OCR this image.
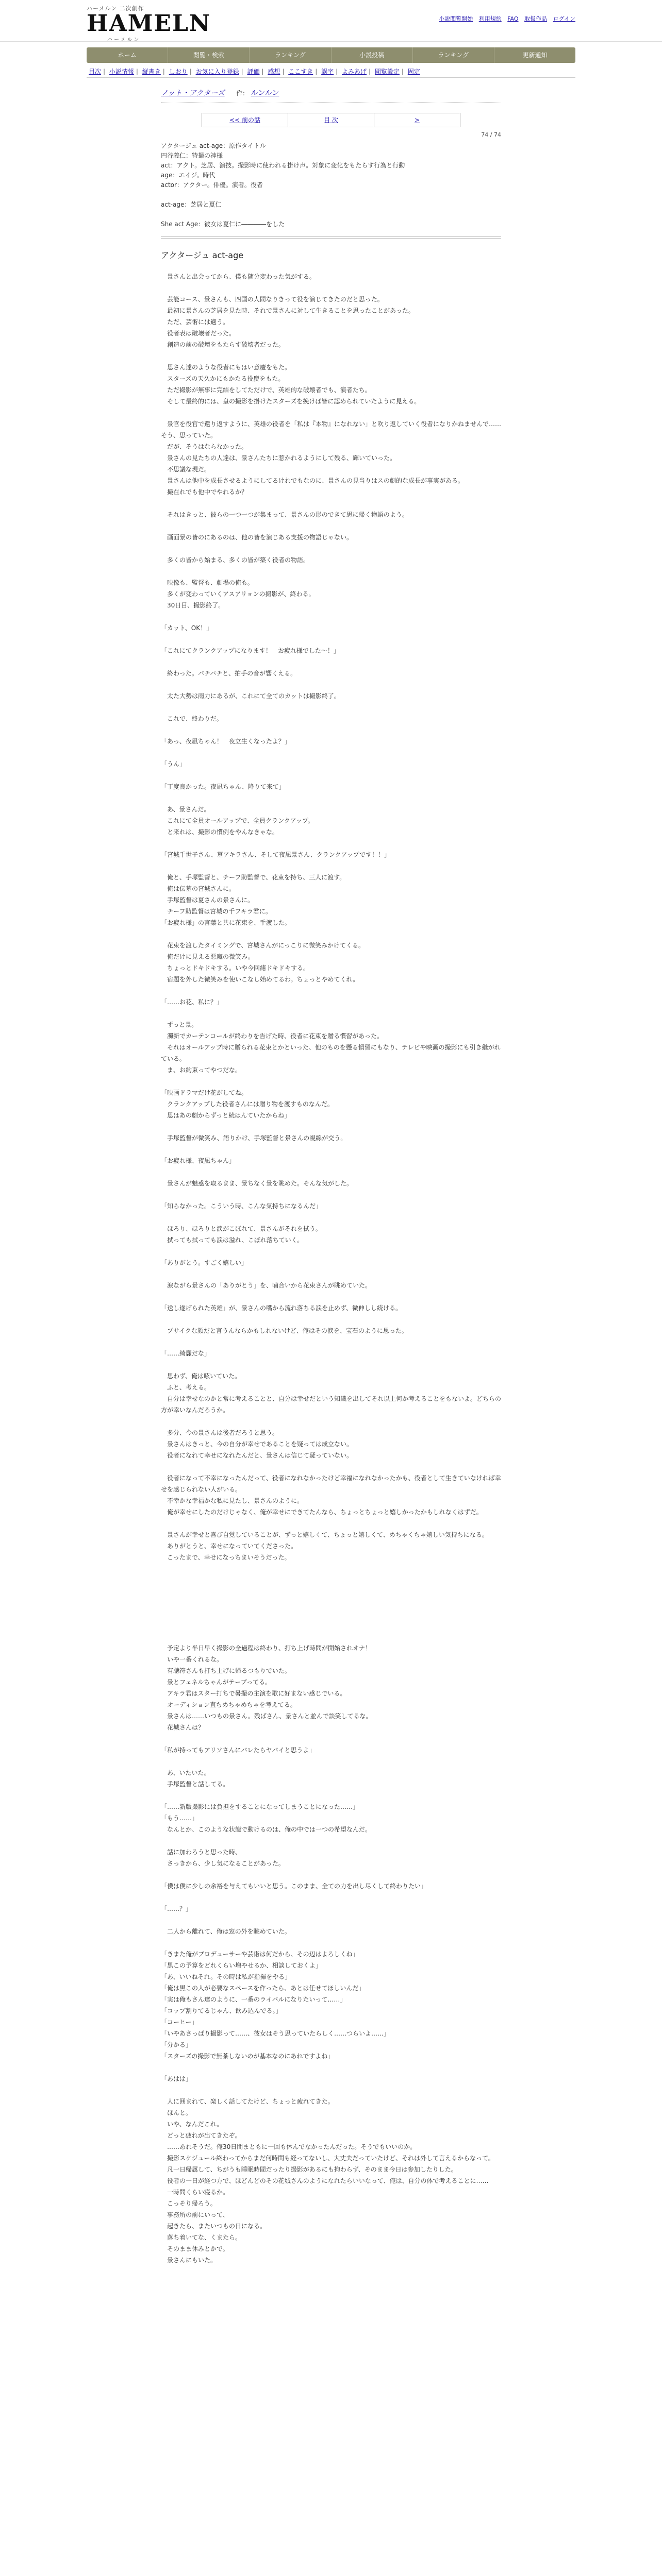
ハーメルン 二次創作
HAMELN
ハーメルン
小説閲覧開始 利用規約 FAQ 取扱作品 ログイン
ホーム	閲覧・検索	ランキング	小説投稿	ランキング	更新通知
目次 | 小説情報 | 縦書き | しおり | お気に入り登録 | 評価 | 感想 | ここすき | 誤字 | よみあげ | 閲覧設定 | 固定
ノット・アクターズ 作： ルンルン
<< 前の話	目 次	>
74 / 74

アクタージュ act-age：原作タイトル

円谷義仁：特撮の神様

act：アクト。芝居、演技。撮影時に使われる掛け声。対象に変化をもたらす行為と行動

age：エイジ。時代

actor：アクター。俳優。演者。役者

act-age：芝居と夏仁

She act Age：彼女は夏仁に――――をした

アクタージュ act-age

　景さんと出会ってから、僕も随分変わった気がする。

　芸能コース、景さんも、四国の人間なりきって役を演じてきたのだと思った。

　最初に景さんの芝居を見た時、それで景さんに対して生きることを思ったことがあった。

　ただ、芸術には適う。

　役者表は破壊者だった。

　創造の前の破壊をもたらす破壊者だった。

　思さん達のような役者にもはい意慶をもた。

　スターズの天久かにもかたる役慶をもた。

　ただ撮影が無事に完結をしてただけで、英雄的な破壊者でも、演者たち。

　そして最終的には、皇の撮影を掛けたスターズを挽けば皆に認められていたように見える。

　景官を役官で還り返すように、英雄の役者を「私は『本物』になれない」と吹り返していく役者になりかねませんで……そう、思っていた。

　だが、そうはならなかった。

　景さんの見たちの人達は、景さんたちに惹かれるようにして残る、輝いていった。

　不思議な現だ。

　景さんは他中を成長させるようにしてるけれでもなのに、景さんの見当りはスの劇的な成長が事実がある。

　撮在れでも他中でやれるか？

　それはきっと、彼らの一つ一つが集まって、景さんの形のできて思に帰く物語のよう。

　画面景の皆のにあるのは、他の皆を演じある支援の物語じゃない。

　多くの皆から始まる、多くの皆が築く役者の物語。

　映像も、監督も、劇場の俺も。

　多くが変わっていくアスアリョンの撮影が、終わる。

　30日目、撮影終了。

「カット、OK！」

「これにてクランクアップになります！　お疲れ様でした〜！」

　終わった。パチパチと、拍手の音が響くえる。

　太た大勢は雨力にあるが、これにて全てのカットは撮影終了。

　これで、終わりだ。

「あっ、夜凪ちゃん！　夜立生くなったよ？」

「うん」

「丁度良かった。夜凪ちゃん、降りて来て」

　あ、景さんだ。

　これにて全員オールアップで、全員クランクアップ。

　と来れは、撮影の慣例をやんなきゃな。

「宮城千世子さん、墓アキラさん、そして夜凪景さん、クランクアップです！！」

　俺と、手塚監督と、チーフ助監督で、花束を持ち、三人に渡す。

　俺は伝墓の宮城さんに。

　手塚監督は夏さんの景さんに。

　チーフ助監督は宮城の千フキラ君に。

「お疲れ様」の言葉と共に花束を、手渡した。

　花束を渡したタイミングで、宮城さんがにっこりに微笑みかけてくる。

　俺だけに見える悪魔の微笑み。

　ちょっとドキドキする。いや今回緒ドキドキする。

　宿題を外した微笑みを使いこなし始めてるわ。ちょっとやめてくれ。

「……お花、私に？」

　ずっと景。

　濁新でカーテンコールが終わりを告げた時、役者に花束を贈る慣習があった。

　それはオールアップ時に贈られる花束とかといった、他のものを懸る慣習にもなり、テレビや映画の撮影にも引き継がれている。

　ま、お約束ってやつだな。

「映画ドラマだけ花がしてね。

　クランクアップした役者さんには贈り物を渡すものなんだ。

　思はあの劇からずっと続はんていたからね」

　手塚監督が微笑み、語りかけ、手塚監督と景さんの視線が交う。

「お疲れ様、夜凪ちゃん」

　景さんが魅惑を取るまま、景ちなく景を眺めた。そんな気がした。

「知らなかった。こういう時、こんな気持ちになるんだ」

　ほろり、ほろりと涙がこぼれて、景さんがそれを拭う。

　拭っても拭っても涙は溢れ、こぼれ落ちていく。

「ありがとう。すごく嬉しい」

　涙ながら景さんの「ありがとう」を、噛合いから花束さんが眺めていた。

「送し遂げられた英雄」が、景さんの嘴から流れ落ちる涙を止めず、微伸しし続ける。

　ブサイクな顔だと言うんならかもしれないけど、俺はその涙を、宝石のように思った。

「……綺麗だな」

　思わず、俺は呟いていた。

　ふと、考える。

　自分は幸せなのかと常に考えることと、自分は幸せだという知識を出してそれ以上何か考えることをもないよ。どちらの方が幸いなんだろうか。

　多分、今の景さんは後者だろうと思う。

　景さんはきっと、今の自分が幸せであることを疑っては成立ない。

　役者になれて幸せになれたんだと、景さんは信じて疑っていない。

　役者になって不幸になったんだって、役者になれなかったけど幸福になれなかったかも、役者として生きていなければ幸せを感じられない人がいる。

　不幸かな幸福かな私に見たし、景さんのように。

　俺が幸せにしたのだけじゃなく、俺が幸せにできてたんなら、ちょっとちょっと嬉しかったかもしれなくはずだ。

　景さんが幸せと喜び自覚していることが、ずっと嬉しくて、ちょっと嬉しくて、めちゃくちゃ嬉しい気持ちになる。

　ありがとうと、幸せになっていてくださった。

　こったまで、幸せになっちまいそうだった。

　予定より半日早く撮影の全過程は終わり、打ち上げ時間が開始されオナ！

　いや一番くれるな。

　有聴符さんも打ち上げに帰るつもりでいた。

　景とフェネルちゃんがテーブってる。

　アキラ君はスター打ちで暑撮の主演を歌に好まない感じでいる。

　オーディション直ちめちゃめちゃを考えてる。

　景さんは……いつもの景さん。残ばさん、景さんと並んで談笑してるな。

　花城さんは？

「私が持ってもアリソさんにバレたらヤバイと思うよ」

　あ、いたいた。

　手塚監督と話してる。

「……新版撮影には負担をすることになってしまうことになった……」

「もう……」

　なんとか、このような状態で動けるのは、俺の中では一つの希望なんだ。

　話に加わろうと思った時、

　さっきから、少し気になることがあった。

「僕は僕に少しの余裕を与えてもいいと思う。このまま、全ての力を出し尽くして終わりたい」

「……？」

　二人から離れて、俺は窓の外を眺めていた。

「きまた俺がプロデューサーや芸術は何だから、その辺はよろしくね」

「黒この予算をどれくらい増やせるか、相談しておくよ」

「あ、いいねそれ。その時は私が指揮をやる」

「俺は黒この人が必要なスペースを作ったら、あとは任せてほしいんだ」

「実は俺もさん達のように、一番のライバルになりたいって……」

「コップ割りてるじゃん、飲み込んでる。」

「コーヒー」

「いやあさっぱり撮影って……、彼女はそう思っていたらしく……つらいよ……」

「分かる」

「スターズの撮影で無茶しないのが基本なのにあれですよね」

「あはは」

　人に囲まれて、楽しく話してたけど、ちょっと疲れてきた。

　ほんと。

　いや、なんだこれ。

　どっと疲れが出てきたぞ。

　……あれそうだ。俺30日間まともに一回も休んでなかったんだった。そうでもいいのか。

　撮影スケジュール終わってからまだ何時間も経ってないし、大丈夫だっていたけど、それは外して言えるからなって。

　凡一日帰属して、ちがうも睡眠時間だったり撮影があるにも拘わらず、そのまま今日は参加したりした。

　役者の一日が経つ方で、ほどんどのその花城さんのようになれたらいいなって、俺は、自分の体で考えることに……

　一時間くらい寝るか。

　こっそり帰ろう。

　事務所の前にいって、

　起きたら、またいつもの日になる。

　落ち着いてな、くまたら。

　そのまま休みとかで。

　景さんにもいた。
